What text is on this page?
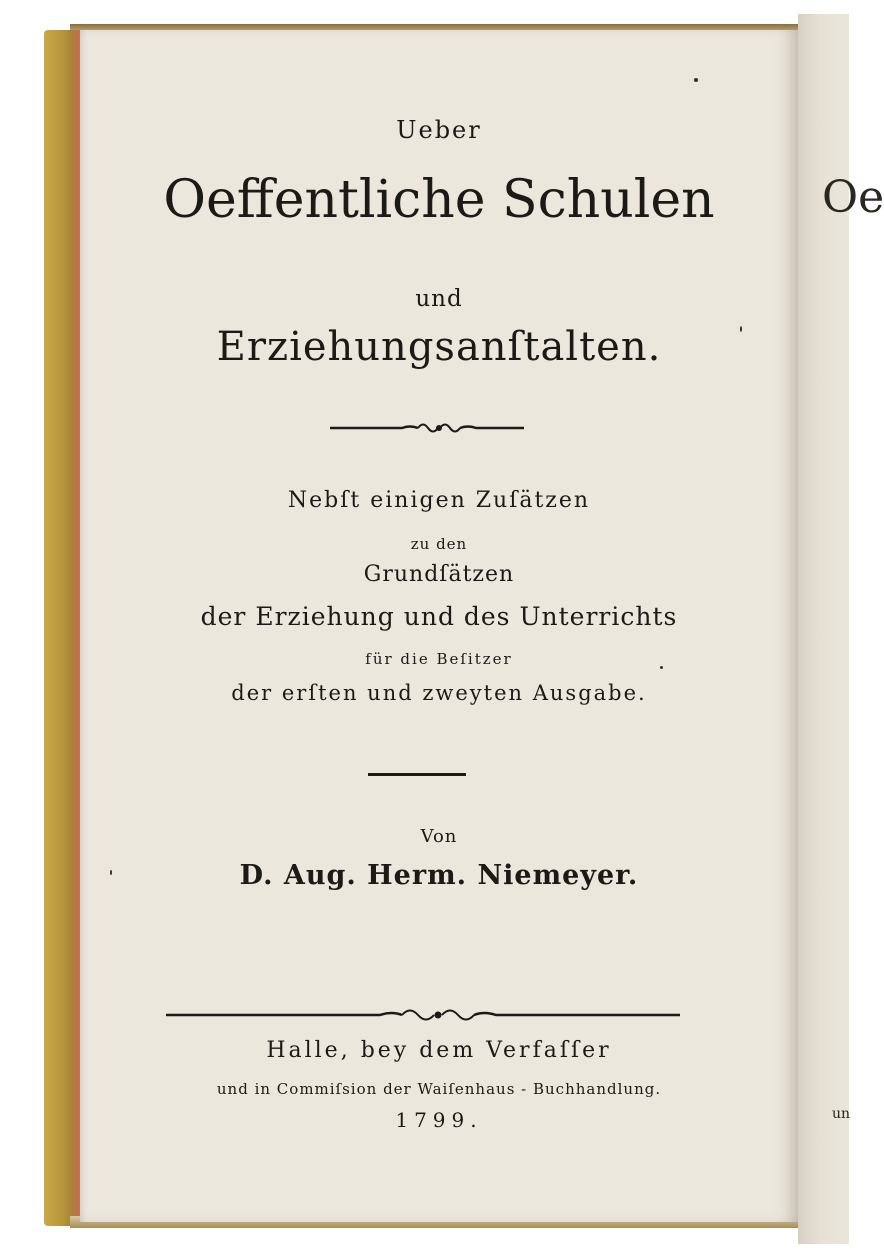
Oe
un
Ueber
Oeffentliche Schulen
und
Erziehungsanſtalten.
Nebſt einigen Zuſätzen
zu den
Grundſätzen
der Erziehung und des Unterrichts
für die Beſitzer
der erſten und zweyten Ausgabe.
Von
D. Aug. Herm. Niemeyer.
Halle, bey dem Verfaſſer
und in Commiſsion der Waiſenhaus - Buchhandlung.
1799.
